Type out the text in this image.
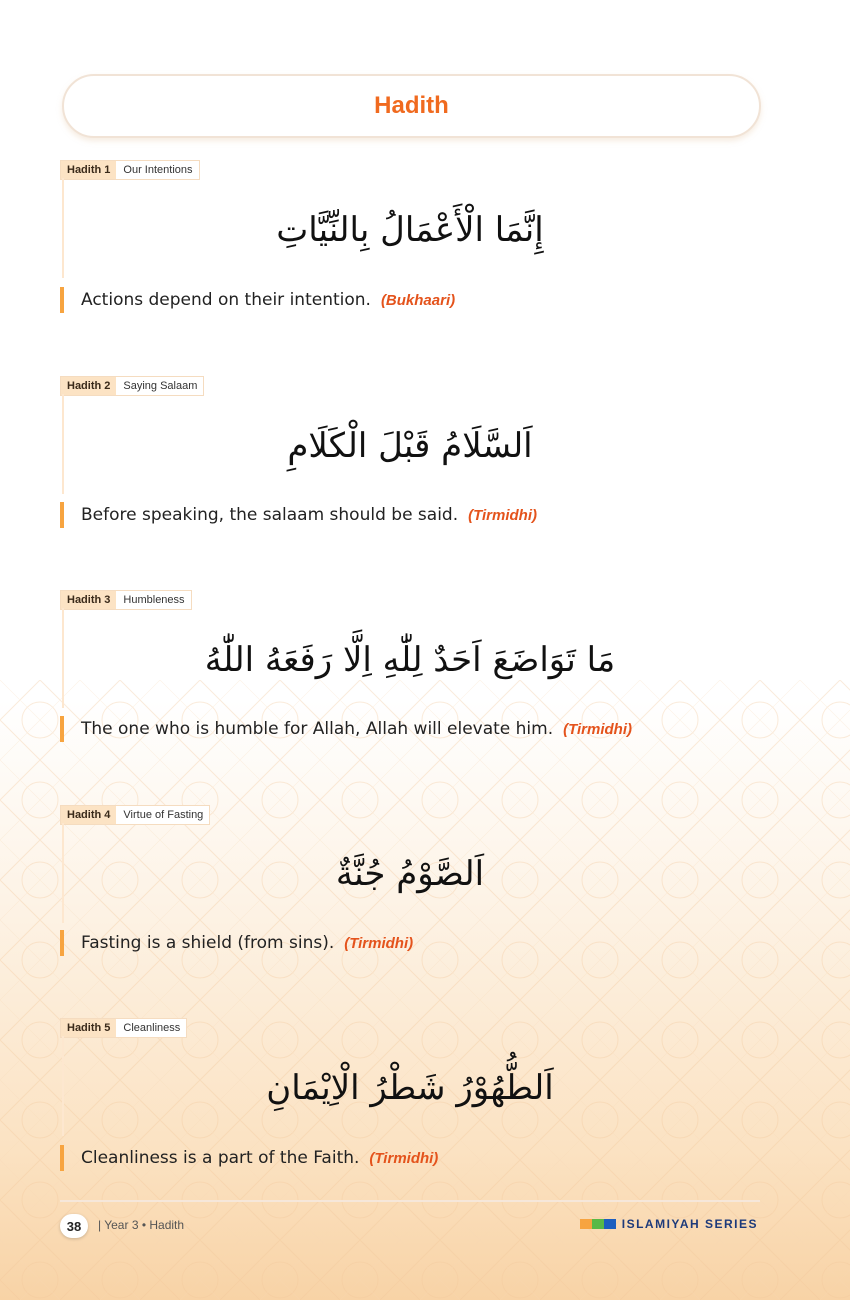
Hadith
Hadith 1	Our Intentions
إِنَّمَا الْأَعْمَالُ بِالنِّيَّاتِ
Actions depend on their intention. (Bukhaari)
Hadith 2	Saying Salaam
اَلسَّلَامُ قَبْلَ الْكَلَامِ
Before speaking, the salaam should be said. (Tirmidhi)
Hadith 3	Humbleness
مَا تَوَاضَعَ اَحَدٌ لِلّٰهِ اِلَّا رَفَعَهُ اللّٰهُ
The one who is humble for Allah, Allah will elevate him. (Tirmidhi)
Hadith 4	Virtue of Fasting
اَلصَّوْمُ جُنَّةٌ
Fasting is a shield (from sins). (Tirmidhi)
Hadith 5	Cleanliness
اَلطُّهُوْرُ شَطْرُ الْاِيْمَانِ
Cleanliness is a part of the Faith. (Tirmidhi)
38	| Year 3 • Hadith	ISLAMIYAH SERIES
